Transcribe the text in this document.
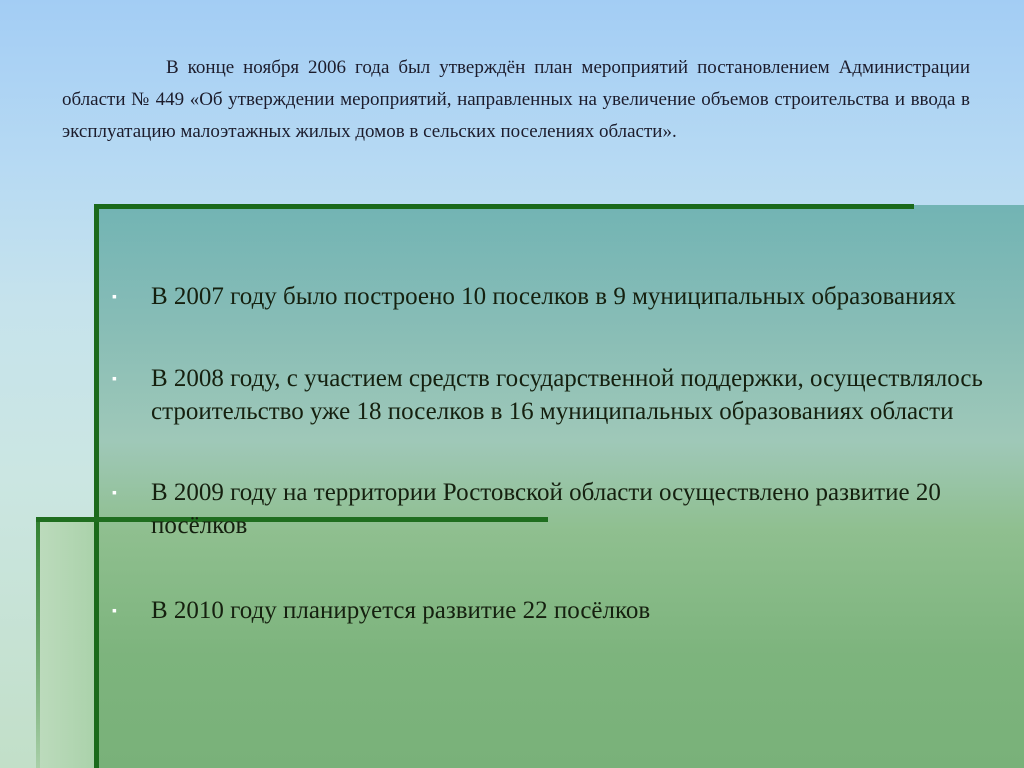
В конце ноября 2006 года был утверждён план мероприятий постановлением Администрации области № 449 «Об утверждении мероприятий, направленных на увеличение объемов строительства и ввода в эксплуатацию малоэтажных жилых домов в сельских поселениях области».
▪ В 2007 году было построено 10 поселков в 9 муниципальных образованиях
▪ В 2008 году, с участием средств государственной поддержки, осуществлялось строительство уже 18 поселков в 16 муниципальных образованиях области
▪ В 2009 году на территории Ростовской области осуществлено развитие 20 посёлков
▪ В 2010 году планируется развитие 22 посёлков
